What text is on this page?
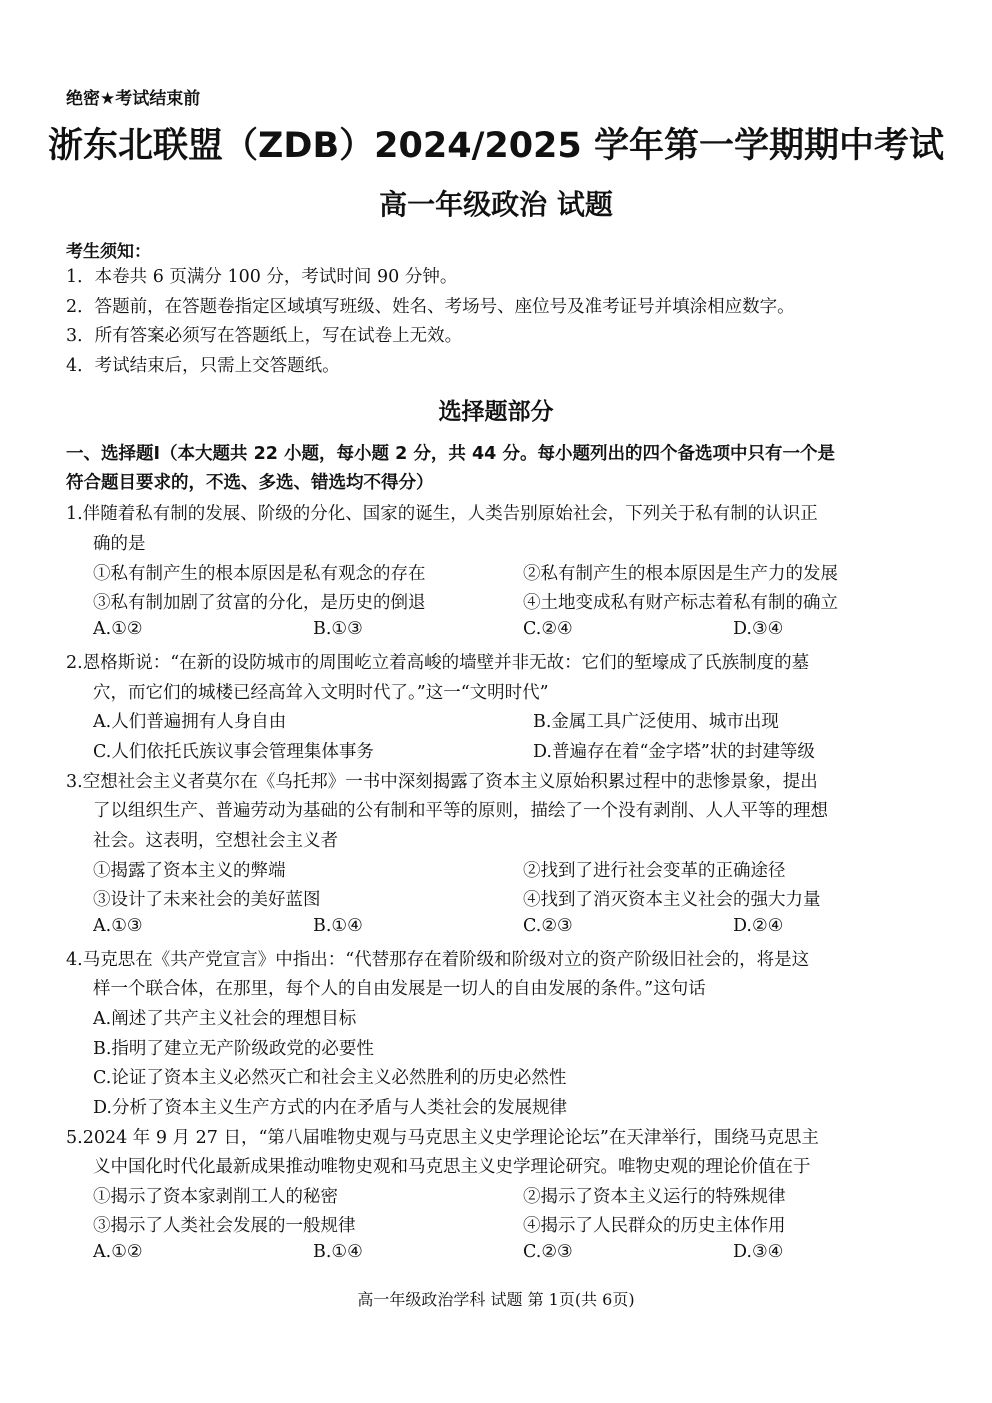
绝密★考试结束前
浙东北联盟（ZDB）2024/2025 学年第一学期期中考试
高一年级政治 试题
考生须知：
1．本卷共 6 页满分 100 分，考试时间 90 分钟。
2．答题前，在答题卷指定区域填写班级、姓名、考场号、座位号及准考证号并填涂相应数字。
3．所有答案必须写在答题纸上，写在试卷上无效。
4．考试结束后，只需上交答题纸。
选择题部分
一、选择题Ⅰ（本大题共 22 小题，每小题 2 分，共 44 分。每小题列出的四个备选项中只有一个是
符合题目要求的，不选、多选、错选均不得分）
1.伴随着私有制的发展、阶级的分化、国家的诞生，人类告别原始社会，下列关于私有制的认识正
确的是
①私有制产生的根本原因是私有观念的存在	②私有制产生的根本原因是生产力的发展
③私有制加剧了贫富的分化，是历史的倒退	④土地变成私有财产标志着私有制的确立
A.①②	B.①③	C.②④	D.③④
2.恩格斯说：“在新的设防城市的周围屹立着高峻的墙壁并非无故：它们的堑壕成了氏族制度的墓
穴，而它们的城楼已经高耸入文明时代了。”这一“文明时代”
A.人们普遍拥有人身自由	B.金属工具广泛使用、城市出现
C.人们依托氏族议事会管理集体事务	D.普遍存在着“金字塔”状的封建等级
3.空想社会主义者莫尔在《乌托邦》一书中深刻揭露了资本主义原始积累过程中的悲惨景象，提出
了以组织生产、普遍劳动为基础的公有制和平等的原则，描绘了一个没有剥削、人人平等的理想
社会。这表明，空想社会主义者
①揭露了资本主义的弊端	②找到了进行社会变革的正确途径
③设计了未来社会的美好蓝图	④找到了消灭资本主义社会的强大力量
A.①③	B.①④	C.②③	D.②④
4.马克思在《共产党宣言》中指出：“代替那存在着阶级和阶级对立的资产阶级旧社会的，将是这
样一个联合体，在那里，每个人的自由发展是一切人的自由发展的条件。”这句话
A.阐述了共产主义社会的理想目标
B.指明了建立无产阶级政党的必要性
C.论证了资本主义必然灭亡和社会主义必然胜利的历史必然性
D.分析了资本主义生产方式的内在矛盾与人类社会的发展规律
5.2024 年 9 月 27 日，“第八届唯物史观与马克思主义史学理论论坛”在天津举行，围绕马克思主
义中国化时代化最新成果推动唯物史观和马克思主义史学理论研究。唯物史观的理论价值在于
①揭示了资本家剥削工人的秘密	②揭示了资本主义运行的特殊规律
③揭示了人类社会发展的一般规律	④揭示了人民群众的历史主体作用
A.①②	B.①④	C.②③	D.③④
高一年级政治学科 试题 第 1页(共 6页)
